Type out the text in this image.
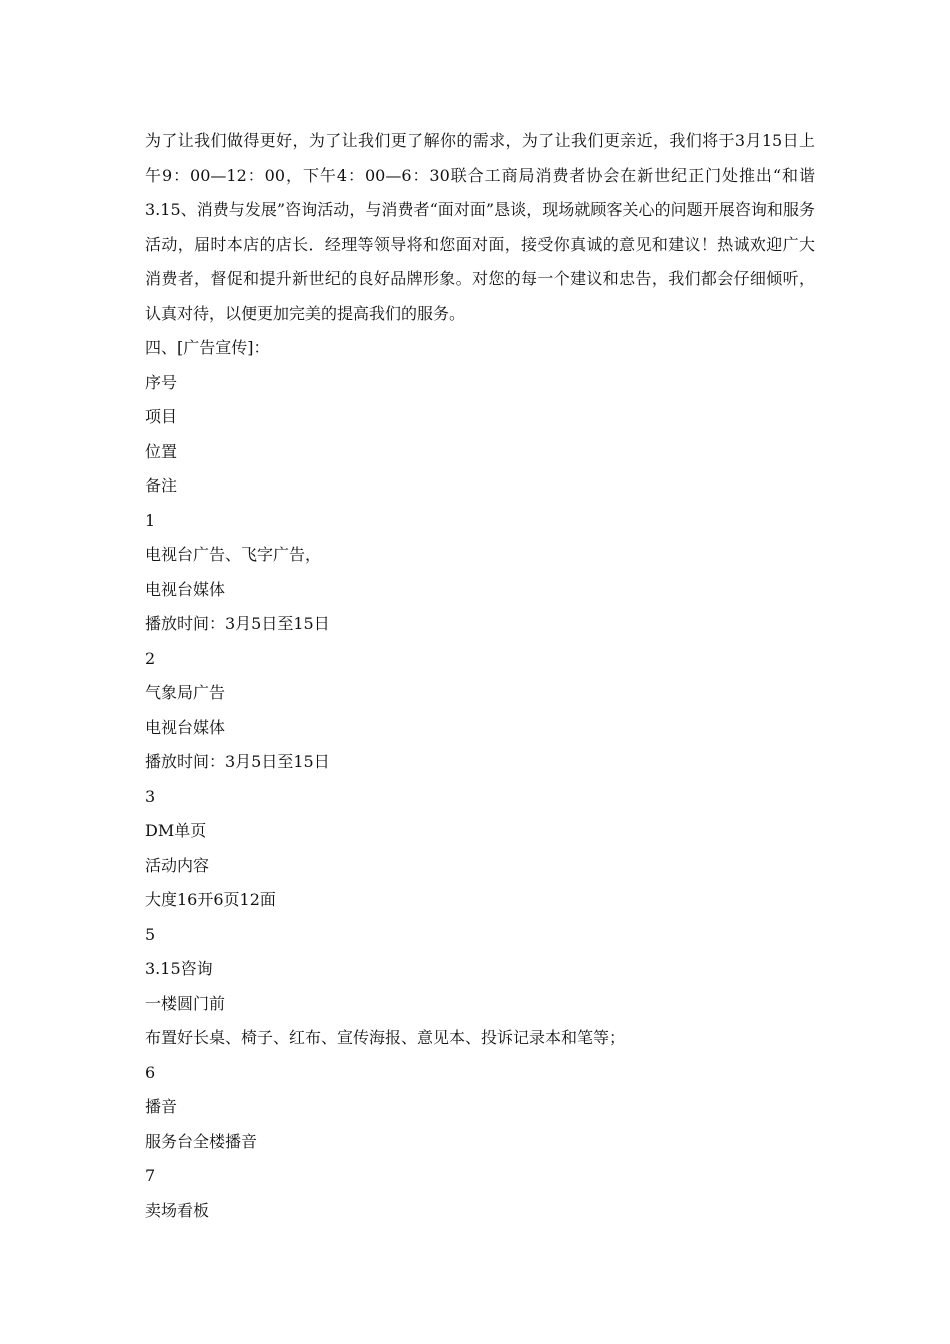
为了让我们做得更好，为了让我们更了解你的需求，为了让我们更亲近，我们将于3月15日上午9：00—12：00，下午4：00—6：30联合工商局消费者协会在新世纪正门处推出“和谐3.15、消费与发展”咨询活动，与消费者“面对面”恳谈，现场就顾客关心的问题开展咨询和服务活动，届时本店的店长．经理等领导将和您面对面，接受你真诚的意见和建议！热诚欢迎广大消费者，督促和提升新世纪的良好品牌形象。对您的每一个建议和忠告，我们都会仔细倾听，认真对待，以便更加完美的提高我们的服务。

四、[广告宣传]：

序号

项目

位置

备注

1

电视台广告、飞字广告，

电视台媒体

播放时间：3月5日至15日

2

气象局广告

电视台媒体

播放时间：3月5日至15日

3

DM单页

活动内容

大度16开6页12面

5

3.15咨询

一楼圆门前

布置好长桌、椅子、红布、宣传海报、意见本、投诉记录本和笔等；

6

播音

服务台全楼播音

7

卖场看板
